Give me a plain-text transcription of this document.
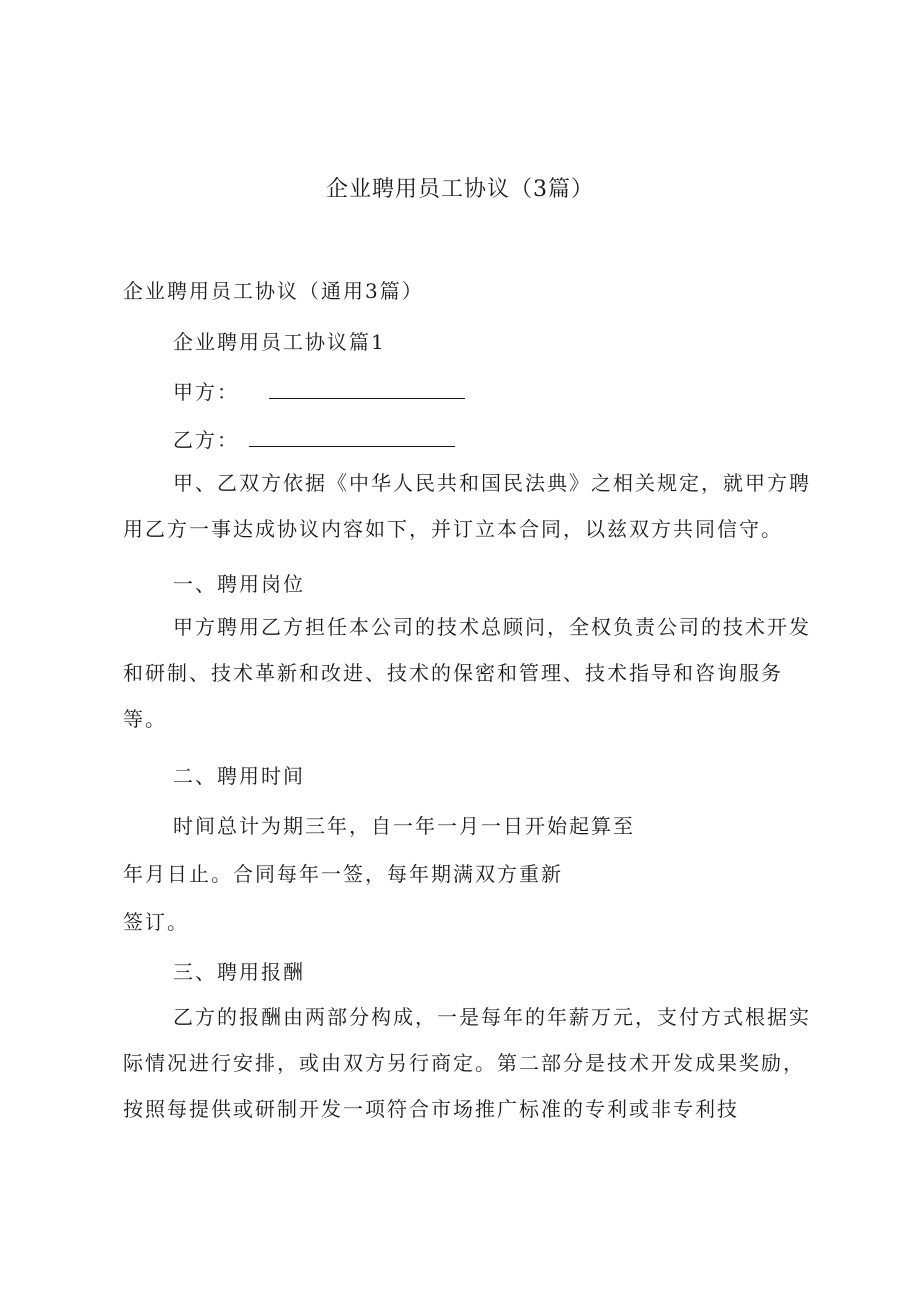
企业聘用员工协议（3篇）
企业聘用员工协议（通用3篇）
企业聘用员工协议篇1
甲方：
乙方：
甲、乙双方依据《中华人民共和国民法典》之相关规定，就甲方聘用乙方一事达成协议内容如下，并订立本合同，以兹双方共同信守。
一、聘用岗位
甲方聘用乙方担任本公司的技术总顾问，全权负责公司的技术开发和研制、技术革新和改进、技术的保密和管理、技术指导和咨询服务等。
二、聘用时间
时间总计为期三年，自一年一月一日开始起算至
年月日止。合同每年一签，每年期满双方重新
签订。
三、聘用报酬
乙方的报酬由两部分构成，一是每年的年薪万元，支付方式根据实际情况进行安排，或由双方另行商定。第二部分是技术开发成果奖励，按照每提供或研制开发一项符合市场推广标准的专利或非专利技
